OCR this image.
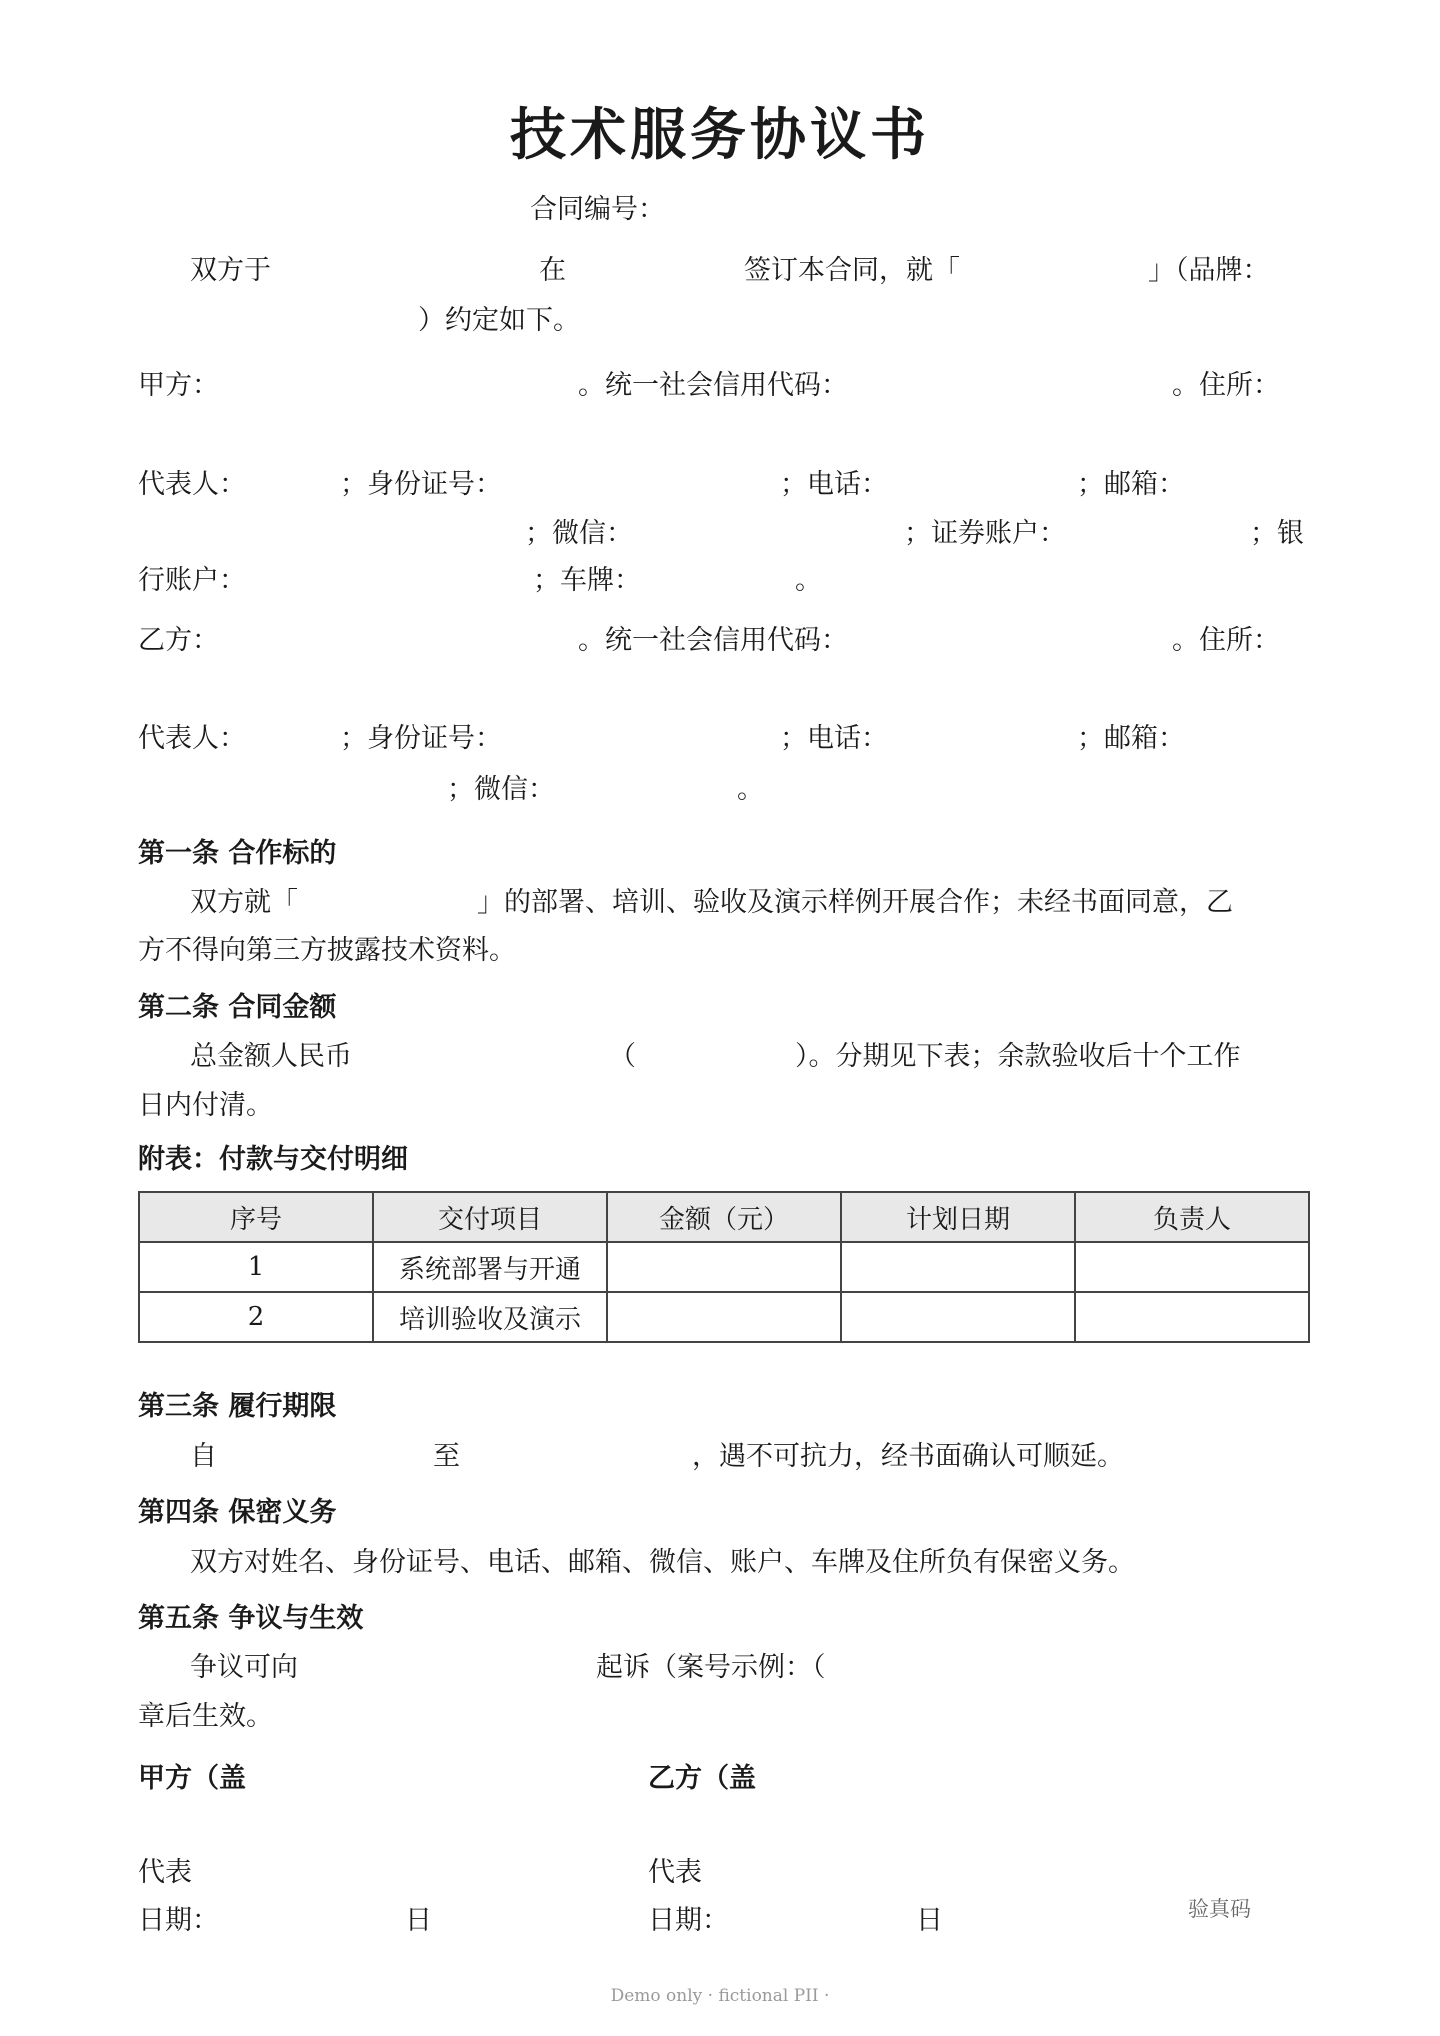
技术服务协议书
合同编号：
双方于	在	签订本合同，就「	」（品牌：
）约定如下。
甲方：	。统一社会信用代码：	。住所：
代表人：	；身份证号：	；电话：	；邮箱：
；微信：	；证券账户：	；银
行账户：	；车牌：	。
乙方：	。统一社会信用代码：	。住所：
代表人：	；身份证号：	；电话：	；邮箱：
；微信：	。
第一条 合作标的
双方就「	」的部署、培训、验收及演示样例开展合作；未经书面同意，乙
方不得向第三方披露技术资料。
第二条 合同金额
总金额人民币	（	）。分期见下表；余款验收后十个工作
日内付清。
附表：付款与交付明细
序号	交付项目	金额（元）	计划日期	负责人
1	系统部署与开通			
2	培训验收及演示			
第三条 履行期限
自	至	，遇不可抗力，经书面确认可顺延。
第四条 保密义务
双方对姓名、身份证号、电话、邮箱、微信、账户、车牌及住所负有保密义务。
第五条 争议与生效
争议可向	起诉（案号示例：（
章后生效。
甲方（盖	乙方（盖
代表	代表
日期：	日	日期：	日	验真码
Demo only · fictional PII ·
